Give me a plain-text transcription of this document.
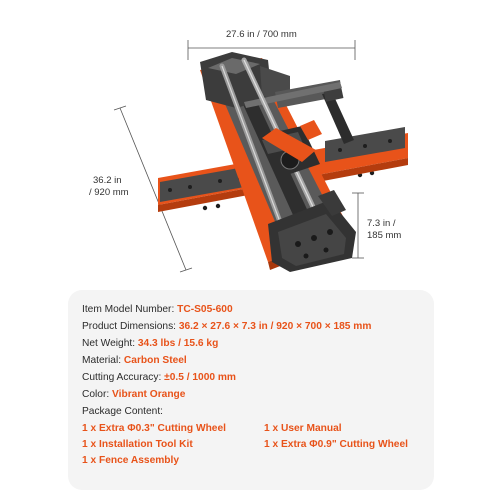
27.6 in / 700 mm
36.2 in
/ 920 mm
7.3 in /
185 mm
Item Model Number: TC-S05-600
Product Dimensions: 36.2 × 27.6 × 7.3 in / 920 × 700 × 185 mm
Net Weight: 34.3 lbs / 15.6 kg
Material: Carbon Steel
Cutting Accuracy: ±0.5 / 1000 mm
Color: Vibrant Orange
Package Content:
1 x Extra Φ0.3" Cutting Wheel	1 x User Manual
1 x Installation Tool Kit	1 x Extra Φ0.9" Cutting Wheel
1 x Fence Assembly
